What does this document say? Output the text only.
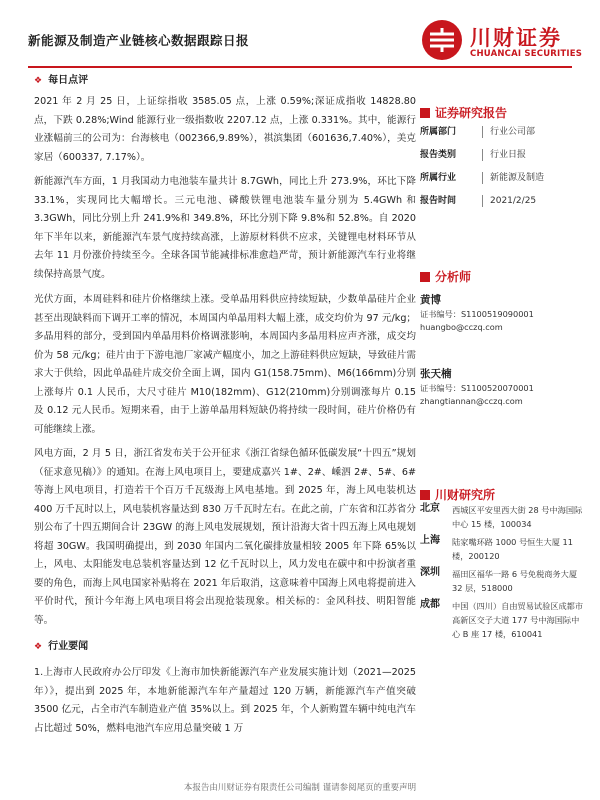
新能源及制造产业链核心数据跟踪日报	川财证券
CHUANCAI SECURITIES
❖ 每日点评

2021 年 2 月 25 日，上证综指收 3585.05 点，上涨 0.59%;深证成指收 14828.80 点，下跌 0.28%;Wind 能源行业一级指数收 2207.12 点，上涨 0.331%。其中，能源行业涨幅前三的公司为：台海核电（002366,9.89%），祺滨集团（601636,7.40%），美克家居（600337, 7.17%）。

新能源汽车方面，1 月我国动力电池装车量共计 8.7GWh，同比上升 273.9%，环比下降 33.1%，实现同比大幅增长。三元电池、磷酸铁锂电池装车量分别为 5.4GWh 和 3.3GWh，同比分别上升 241.9%和 349.8%，环比分别下降 9.8%和 52.8%。自 2020 年下半年以来，新能源汽车景气度持续高涨，上游原材料供不应求，关键锂电材料环节从去年 11 月份涨价持续至今。全球各国节能减排标准愈趋严苛，预计新能源汽车行业将继续保持高景气度。

光伏方面，本周硅料和硅片价格继续上涨。受单晶用料供应持续短缺，少数单晶硅片企业甚至出现缺料而下调开工率的情况，本周国内单晶用料大幅上涨，成交均价为 97 元/kg；多晶用料的部分，受到国内单晶用料价格调涨影响，本周国内多晶用料应声齐涨，成交均价为 58 元/kg；硅片由于下游电池厂家减产幅度小，加之上游硅料供应短缺，导致硅片需求大于供给，因此单晶硅片成交价全面上调，国内 G1(158.75mm)、M6(166mm)分别上涨每片 0.1 人民币，大尺寸硅片 M10(182mm)、G12(210mm)分别调涨每片 0.15 及 0.12 元人民币。短期来看，由于上游单晶用料短缺仍将持续一段时间，硅片价格仍有可能继续上涨。

风电方面，2 月 5 日，浙江省发布关于公开征求《浙江省绿色循环低碳发展“十四五”规划（征求意见稿）》的通知。在海上风电项目上，要建成嘉兴 1#、2#、嵊泗 2#、5#、6#等海上风电项目，打造若干个百万千瓦级海上风电基地。到 2025 年，海上风电装机达 400 万千瓦时以上，风电装机容量达到 830 万千瓦时左右。在此之前，广东省和江苏省分别公布了十四五期间合计 23GW 的海上风电发展规划，预计沿海大省十四五海上风电规划将超 30GW。我国明确提出，到 2030 年国内二氧化碳排放量相较 2005 年下降 65%以上，风电、太阳能发电总装机容量达到 12 亿千瓦时以上，风力发电在碳中和中扮演者重要的角色，而海上风电国家补贴将在 2021 年后取消，这意味着中国海上风电将提前进入平价时代，预计今年海上风电项目将会出现抢装现象。相关标的：金风科技、明阳智能等。

❖ 行业要闻

1.上海市人民政府办公厅印发《上海市加快新能源汽车产业发展实施计划（2021—2025 年）》，提出到 2025 年，本地新能源汽车年产量超过 120 万辆，新能源汽车产值突破 3500 亿元，占全市汽车制造业产值 35%以上。到 2025 年，个人新购置车辆中纯电汽车占比超过 50%，燃料电池汽车应用总量突破 1 万

证券研究报告
所属部门	行业公司部
报告类别	行业日报
所属行业	新能源及制造
报告时间	2021/2/25
分析师
黄博
证书编号：S1100519090001
huangbo@cczq.com
张天楠
证书编号：S1100520070001
zhangtiannan@cczq.com
川财研究所
北京 西城区平安里西大街 28 号中海国际中心 15 楼，100034
上海 陆家嘴环路 1000 号恒生大厦 11 楼，200120
深圳 福田区福华一路 6 号免税商务大厦 32 层，518000
成都 中国（四川）自由贸易试验区成都市高新区交子大道 177 号中海国际中心 B 座 17 楼，610041
本报告由川财证券有限责任公司编制 谨请参阅尾页的重要声明
